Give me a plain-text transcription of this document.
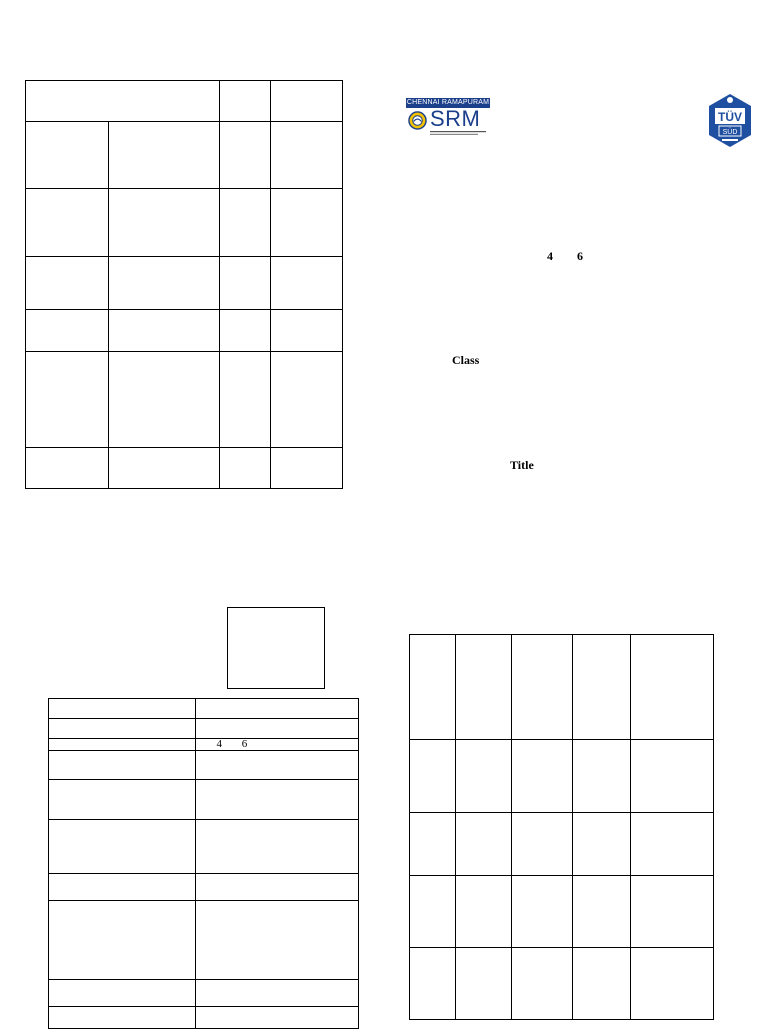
CHENNAI RAMAPURAM
SRM	TÜV
SÜD
4 6
Class
Title

	4 6
